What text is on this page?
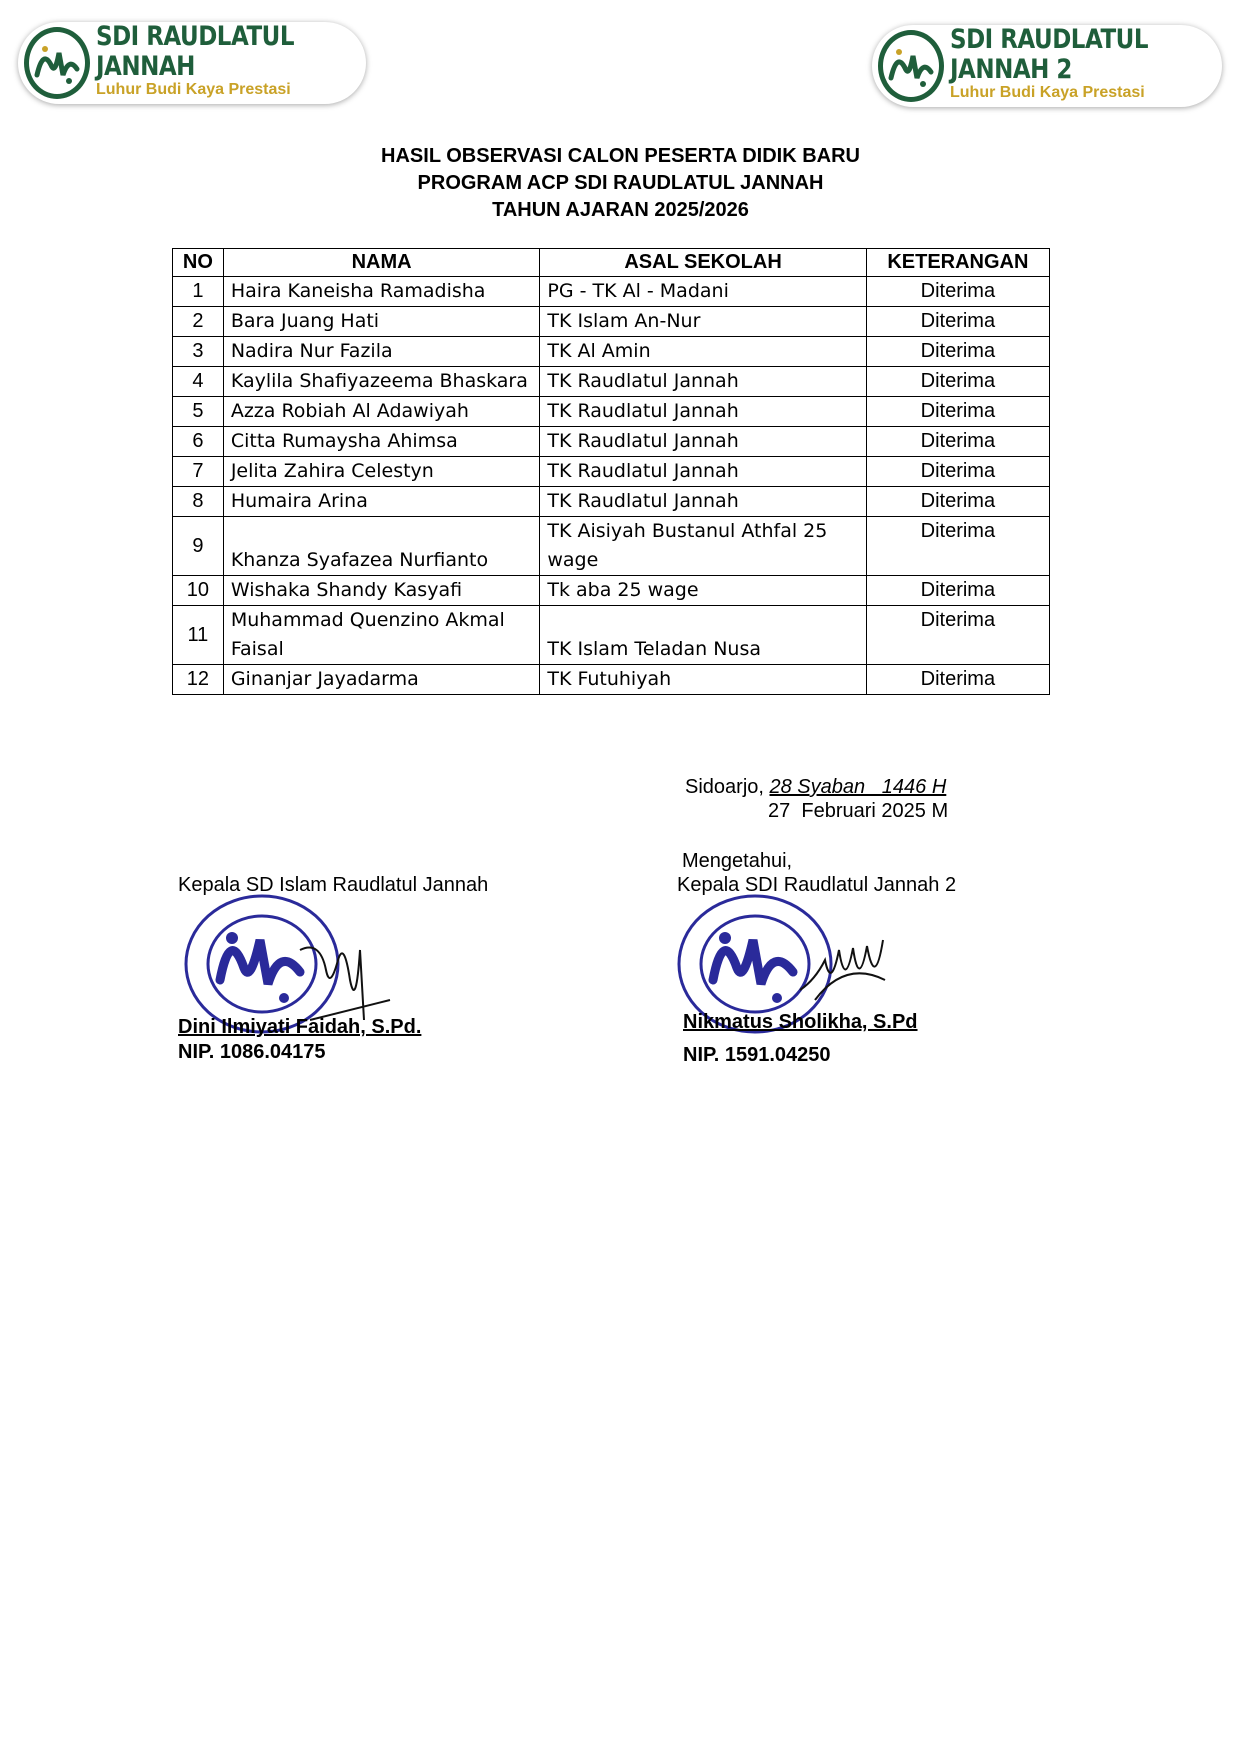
SDI RAUDLATUL JANNAH
Luhur Budi Kaya Prestasi
SDI RAUDLATUL JANNAH 2
Luhur Budi Kaya Prestasi
HASIL OBSERVASI CALON PESERTA DIDIK BARU
PROGRAM ACP SDI RAUDLATUL JANNAH
TAHUN AJARAN 2025/2026
NO	NAMA	ASAL SEKOLAH	KETERANGAN
1	Haira Kaneisha Ramadisha	PG - TK Al - Madani	Diterima
2	Bara Juang Hati	TK Islam An-Nur	Diterima
3	Nadira Nur Fazila	TK Al Amin	Diterima
4	Kaylila Shafiyazeema Bhaskara	TK Raudlatul Jannah	Diterima
5	Azza Robiah Al Adawiyah	TK Raudlatul Jannah	Diterima
6	Citta Rumaysha Ahimsa	TK Raudlatul Jannah	Diterima
7	Jelita Zahira Celestyn	TK Raudlatul Jannah	Diterima
8	Humaira Arina	TK Raudlatul Jannah	Diterima
9	Khanza Syafazea Nurfianto	TK Aisiyah Bustanul Athfal 25 wage	Diterima
10	Wishaka Shandy Kasyafi	Tk aba 25 wage	Diterima
11	Muhammad Quenzino Akmal Faisal	TK Islam Teladan Nusa	Diterima
12	Ginanjar Jayadarma	TK Futuhiyah	Diterima
Sidoarjo, 28 Syaban   1446 H
27  Februari 2025 M
Mengetahui,
Kepala SD Islam Raudlatul Jannah
Dini Ilmiyati Faidah, S.Pd.
NIP. 1086.04175
Kepala SDI Raudlatul Jannah 2
Nikmatus Sholikha, S.Pd
NIP. 1591.04250
